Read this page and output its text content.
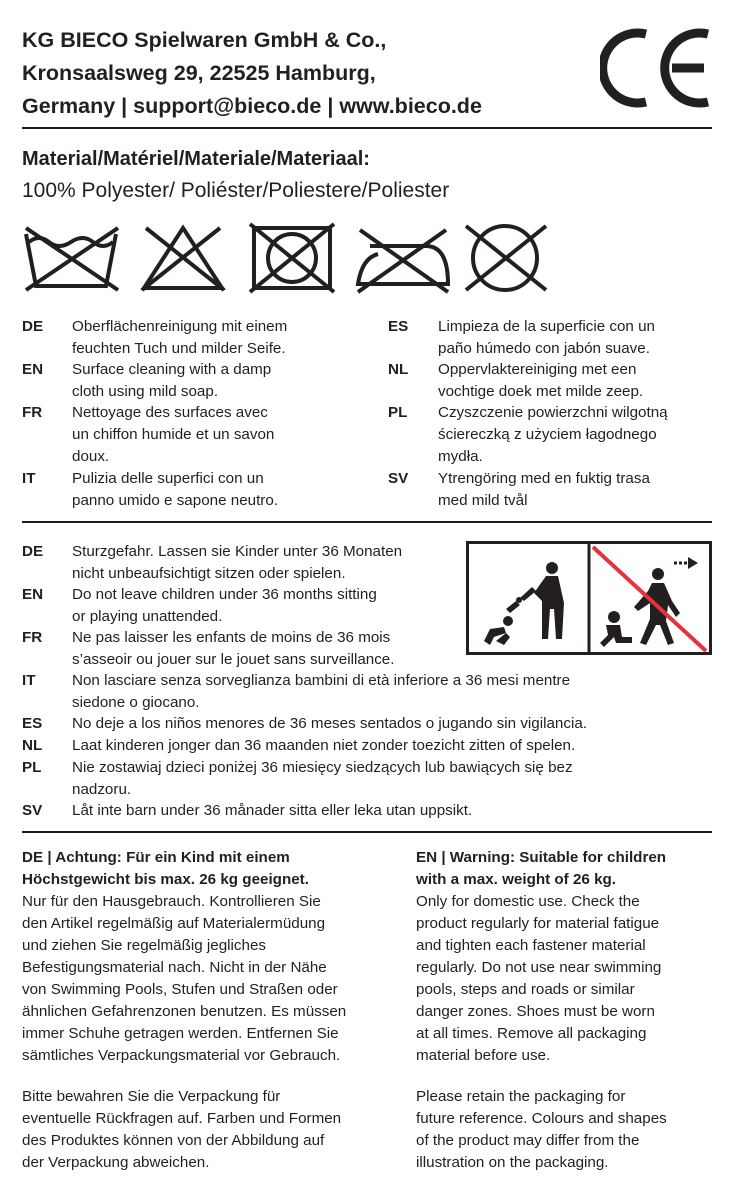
KG BIECO Spielwaren GmbH & Co.,
Kronsaalsweg 29, 22525 Hamburg,
Germany | support@bieco.de | www.bieco.de
Material/Matériel/Materiale/Materiaal:
100% Polyester/ Poliéster/Poliestere/Poliester
DE Oberflächenreinigung mit einem
feuchten Tuch und milder Seife.
EN Surface cleaning with a damp
cloth using mild soap.
FR Nettoyage des surfaces avec
un chiffon humide et un savon
doux.
IT Pulizia delle superfici con un
panno umido e sapone neutro.
ES Limpieza de la superficie con un
paño húmedo con jabón suave.
NL Oppervlaktereiniging met een
vochtige doek met milde zeep.
PL Czyszczenie powierzchni wilgotną
ściereczką z użyciem łagodnego
mydła.
SV Ytrengöring med en fuktig trasa
med mild tvål
DE Sturzgefahr. Lassen sie Kinder unter 36 Monaten
nicht unbeaufsichtigt sitzen oder spielen.
EN Do not leave children under 36 months sitting
or playing unattended.
FR Ne pas laisser les enfants de moins de 36 mois
s’asseoir ou jouer sur le jouet sans surveillance.
IT Non lasciare senza sorveglianza bambini di età inferiore a 36 mesi mentre
siedone o giocano.
ES No deje a los niños menores de 36 meses sentados o jugando sin vigilancia.
NL Laat kinderen jonger dan 36 maanden niet zonder toezicht zitten of spelen.
PL Nie zostawiaj dzieci poniżej 36 miesięcy siedzących lub bawiących się bez
nadzoru.
SV Låt inte barn under 36 månader sitta eller leka utan uppsikt.
DE | Achtung: Für ein Kind mit einem
Höchstgewicht bis max. 26 kg geeignet.
Nur für den Hausgebrauch. Kontrollieren Sie
den Artikel regelmäßig auf Materialermüdung
und ziehen Sie regelmäßig jegliches
Befestigungsmaterial nach. Nicht in der Nähe
von Swimming Pools, Stufen und Straßen oder
ähnlichen Gefahrenzonen benutzen. Es müssen
immer Schuhe getragen werden. Entfernen Sie
sämtliches Verpackungsmaterial vor Gebrauch.
Bitte bewahren Sie die Verpackung für
eventuelle Rückfragen auf. Farben und Formen
des Produktes können von der Abbildung auf
der Verpackung abweichen.
EN | Warning: Suitable for children
with a max. weight of 26 kg.
Only for domestic use. Check the
product regularly for material fatigue
and tighten each fastener material
regularly. Do not use near swimming
pools, steps and roads or similar
danger zones. Shoes must be worn
at all times. Remove all packaging
material before use.
Please retain the packaging for
future reference. Colours and shapes
of the product may differ from the
illustration on the packaging.
